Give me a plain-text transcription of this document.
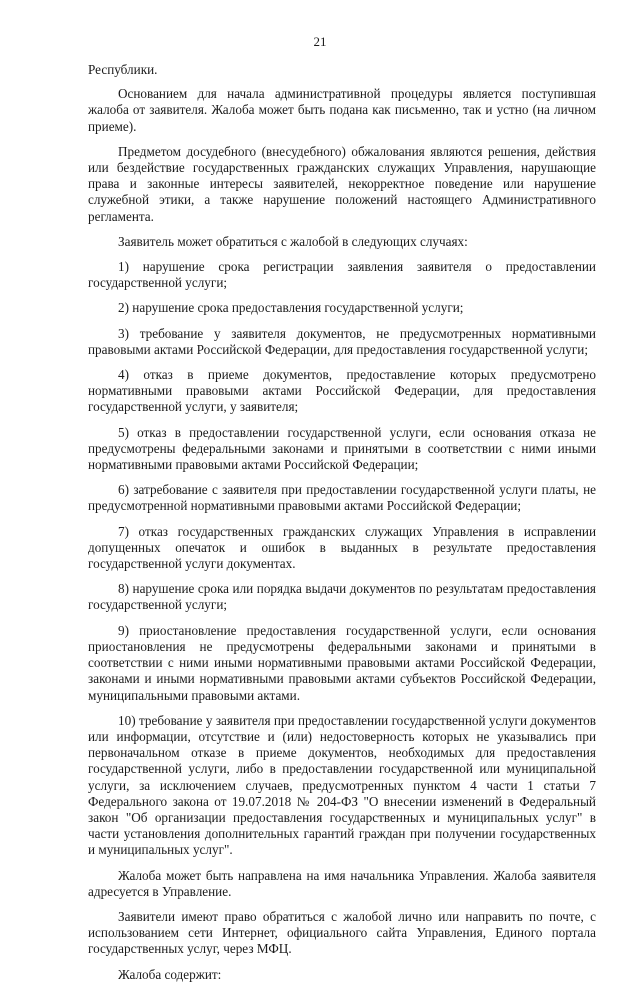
21

Республики.

Основанием для начала административной процедуры является поступившая жалоба от заявителя. Жалоба может быть подана как письменно, так и устно (на личном приеме).

Предметом досудебного (внесудебного) обжалования являются решения, действия или бездействие государственных гражданских служащих Управления, нарушающие права и законные интересы заявителей, некорректное поведение или нарушение служебной этики, а также нарушение положений настоящего Административного регламента.

Заявитель может обратиться с жалобой в следующих случаях:

1) нарушение срока регистрации заявления заявителя о предоставлении государственной услуги;

2) нарушение срока предоставления государственной услуги;

3) требование у заявителя документов, не предусмотренных нормативными правовыми актами Российской Федерации, для предоставления государственной услуги;

4) отказ в приеме документов, предоставление которых предусмотрено нормативными правовыми актами Российской Федерации, для предоставления государственной услуги, у заявителя;

5) отказ в предоставлении государственной услуги, если основания отказа не предусмотрены федеральными законами и принятыми в соответствии с ними иными нормативными правовыми актами Российской Федерации;

6) затребование с заявителя при предоставлении государственной услуги платы, не предусмотренной нормативными правовыми актами Российской Федерации;

7) отказ государственных гражданских служащих Управления в исправлении допущенных опечаток и ошибок в выданных в результате предоставления государственной услуги документах.

8) нарушение срока или порядка выдачи документов по результатам предоставления государственной услуги;

9) приостановление предоставления государственной услуги, если основания приостановления не предусмотрены федеральными законами и принятыми в соответствии с ними иными нормативными правовыми актами Российской Федерации, законами и иными нормативными правовыми актами субъектов Российской Федерации, муниципальными правовыми актами.

10) требование у заявителя при предоставлении государственной услуги документов или информации, отсутствие и (или) недостоверность которых не указывались при первоначальном отказе в приеме документов, необходимых для предоставления государственной услуги, либо в предоставлении государственной или муниципальной услуги, за исключением случаев, предусмотренных пунктом 4 части 1 статьи 7 Федерального закона от 19.07.2018 № 204-ФЗ "О внесении изменений в Федеральный закон "Об организации предоставления государственных и муниципальных услуг" в части установления дополнительных гарантий граждан при получении государственных и муниципальных услуг".

Жалоба может быть направлена на имя начальника Управления. Жалоба заявителя адресуется в Управление.

Заявители имеют право обратиться с жалобой лично или направить по почте, с использованием сети Интернет, официального сайта Управления, Единого портала государственных услуг, через МФЦ.

Жалоба содержит:
